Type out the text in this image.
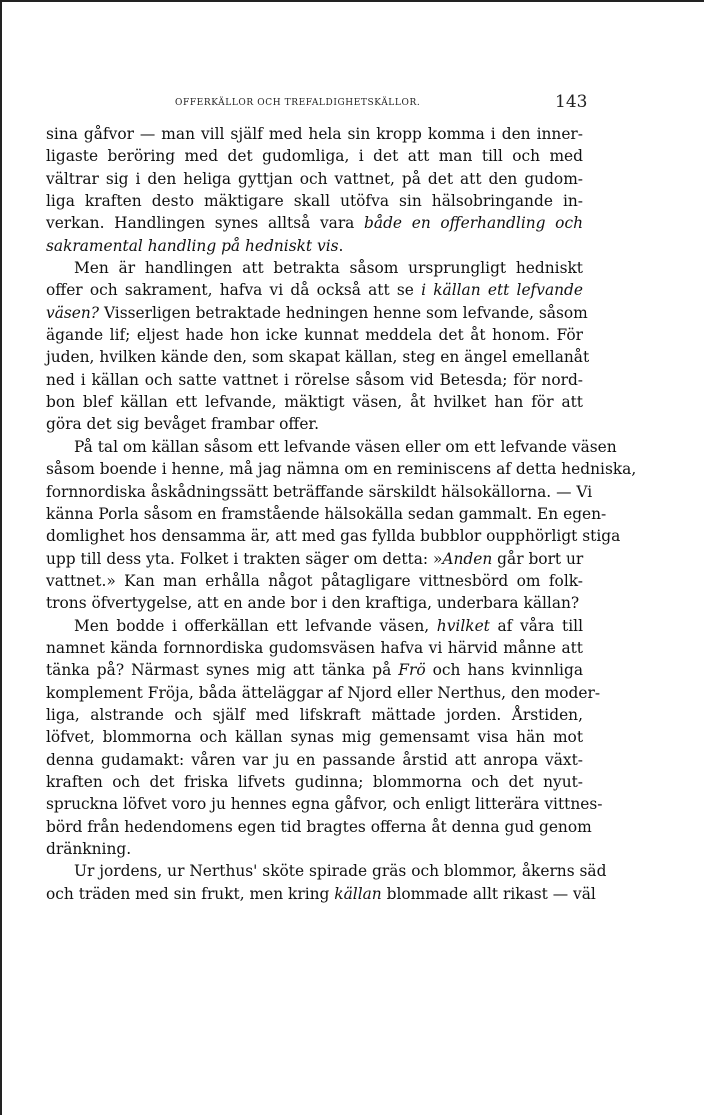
OFFERKÄLLOR OCH TREFALDIGHETSKÄLLOR.	143
sina gåfvor — man vill själf med hela sin kropp komma i den inner-
ligaste beröring med det gudomliga, i det att man till och med
vältrar sig i den heliga gyttjan och vattnet, på det att den gudom-
liga kraften desto mäktigare skall utöfva sin hälsobringande in-
verkan. Handlingen synes alltså vara både en offerhandling och
sakramental handling på hedniskt vis.
Men är handlingen att betrakta såsom ursprungligt hedniskt
offer och sakrament, hafva vi då också att se i källan ett lefvande
väsen? Visserligen betraktade hedningen henne som lefvande, såsom
ägande lif; eljest hade hon icke kunnat meddela det åt honom. För
juden, hvilken kände den, som skapat källan, steg en ängel emellanåt
ned i källan och satte vattnet i rörelse såsom vid Betesda; för nord-
bon blef källan ett lefvande, mäktigt väsen, åt hvilket han för att
göra det sig bevåget frambar offer.
På tal om källan såsom ett lefvande väsen eller om ett lefvande väsen
såsom boende i henne, må jag nämna om en reminiscens af detta hedniska,
fornnordiska åskådningssätt beträffande särskildt hälsokällorna. — Vi
känna Porla såsom en framstående hälsokälla sedan gammalt. En egen-
domlighet hos densamma är, att med gas fyllda bubblor oupphörligt stiga
upp till dess yta. Folket i trakten säger om detta: »Anden går bort ur
vattnet.» Kan man erhålla något påtagligare vittnesbörd om folk-
trons öfvertygelse, att en ande bor i den kraftiga, underbara källan?
Men bodde i offerkällan ett lefvande väsen, hvilket af våra till
namnet kända fornnordiska gudomsväsen hafva vi härvid månne att
tänka på? Närmast synes mig att tänka på Frö och hans kvinnliga
komplement Fröja, båda ätteläggar af Njord eller Nerthus, den moder-
liga, alstrande och själf med lifskraft mättade jorden. Årstiden,
löfvet, blommorna och källan synas mig gemensamt visa hän mot
denna gudamakt: våren var ju en passande årstid att anropa växt-
kraften och det friska lifvets gudinna; blommorna och det nyut-
spruckna löfvet voro ju hennes egna gåfvor, och enligt litterära vittnes-
börd från hedendomens egen tid bragtes offerna åt denna gud genom
dränkning.
Ur jordens, ur Nerthus' sköte spirade gräs och blommor, åkerns säd
och träden med sin frukt, men kring källan blommade allt rikast — väl
